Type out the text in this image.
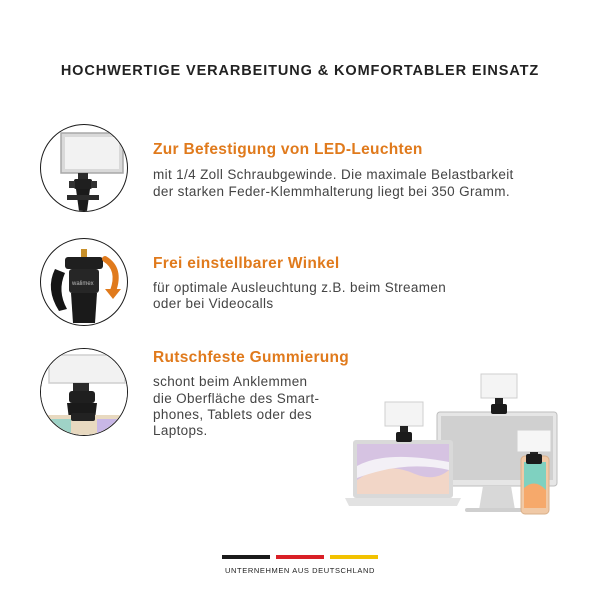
HOCHWERTIGE VERARBEITUNG & KOMFORTABLER EINSATZ
Zur Befestigung von LED-Leuchten
mit 1/4 Zoll Schraubgewinde. Die maximale Belastbarkeit
der starken Feder-Klemmhalterung liegt bei 350 Gramm.
walimex
Frei einstellbarer Winkel
für optimale Ausleuchtung z.B. beim Streamen
oder bei Videocalls
Rutschfeste Gummierung
schont beim Anklemmen
die Oberfläche des Smart-
phones, Tablets oder des
Laptops.
UNTERNEHMEN AUS DEUTSCHLAND
